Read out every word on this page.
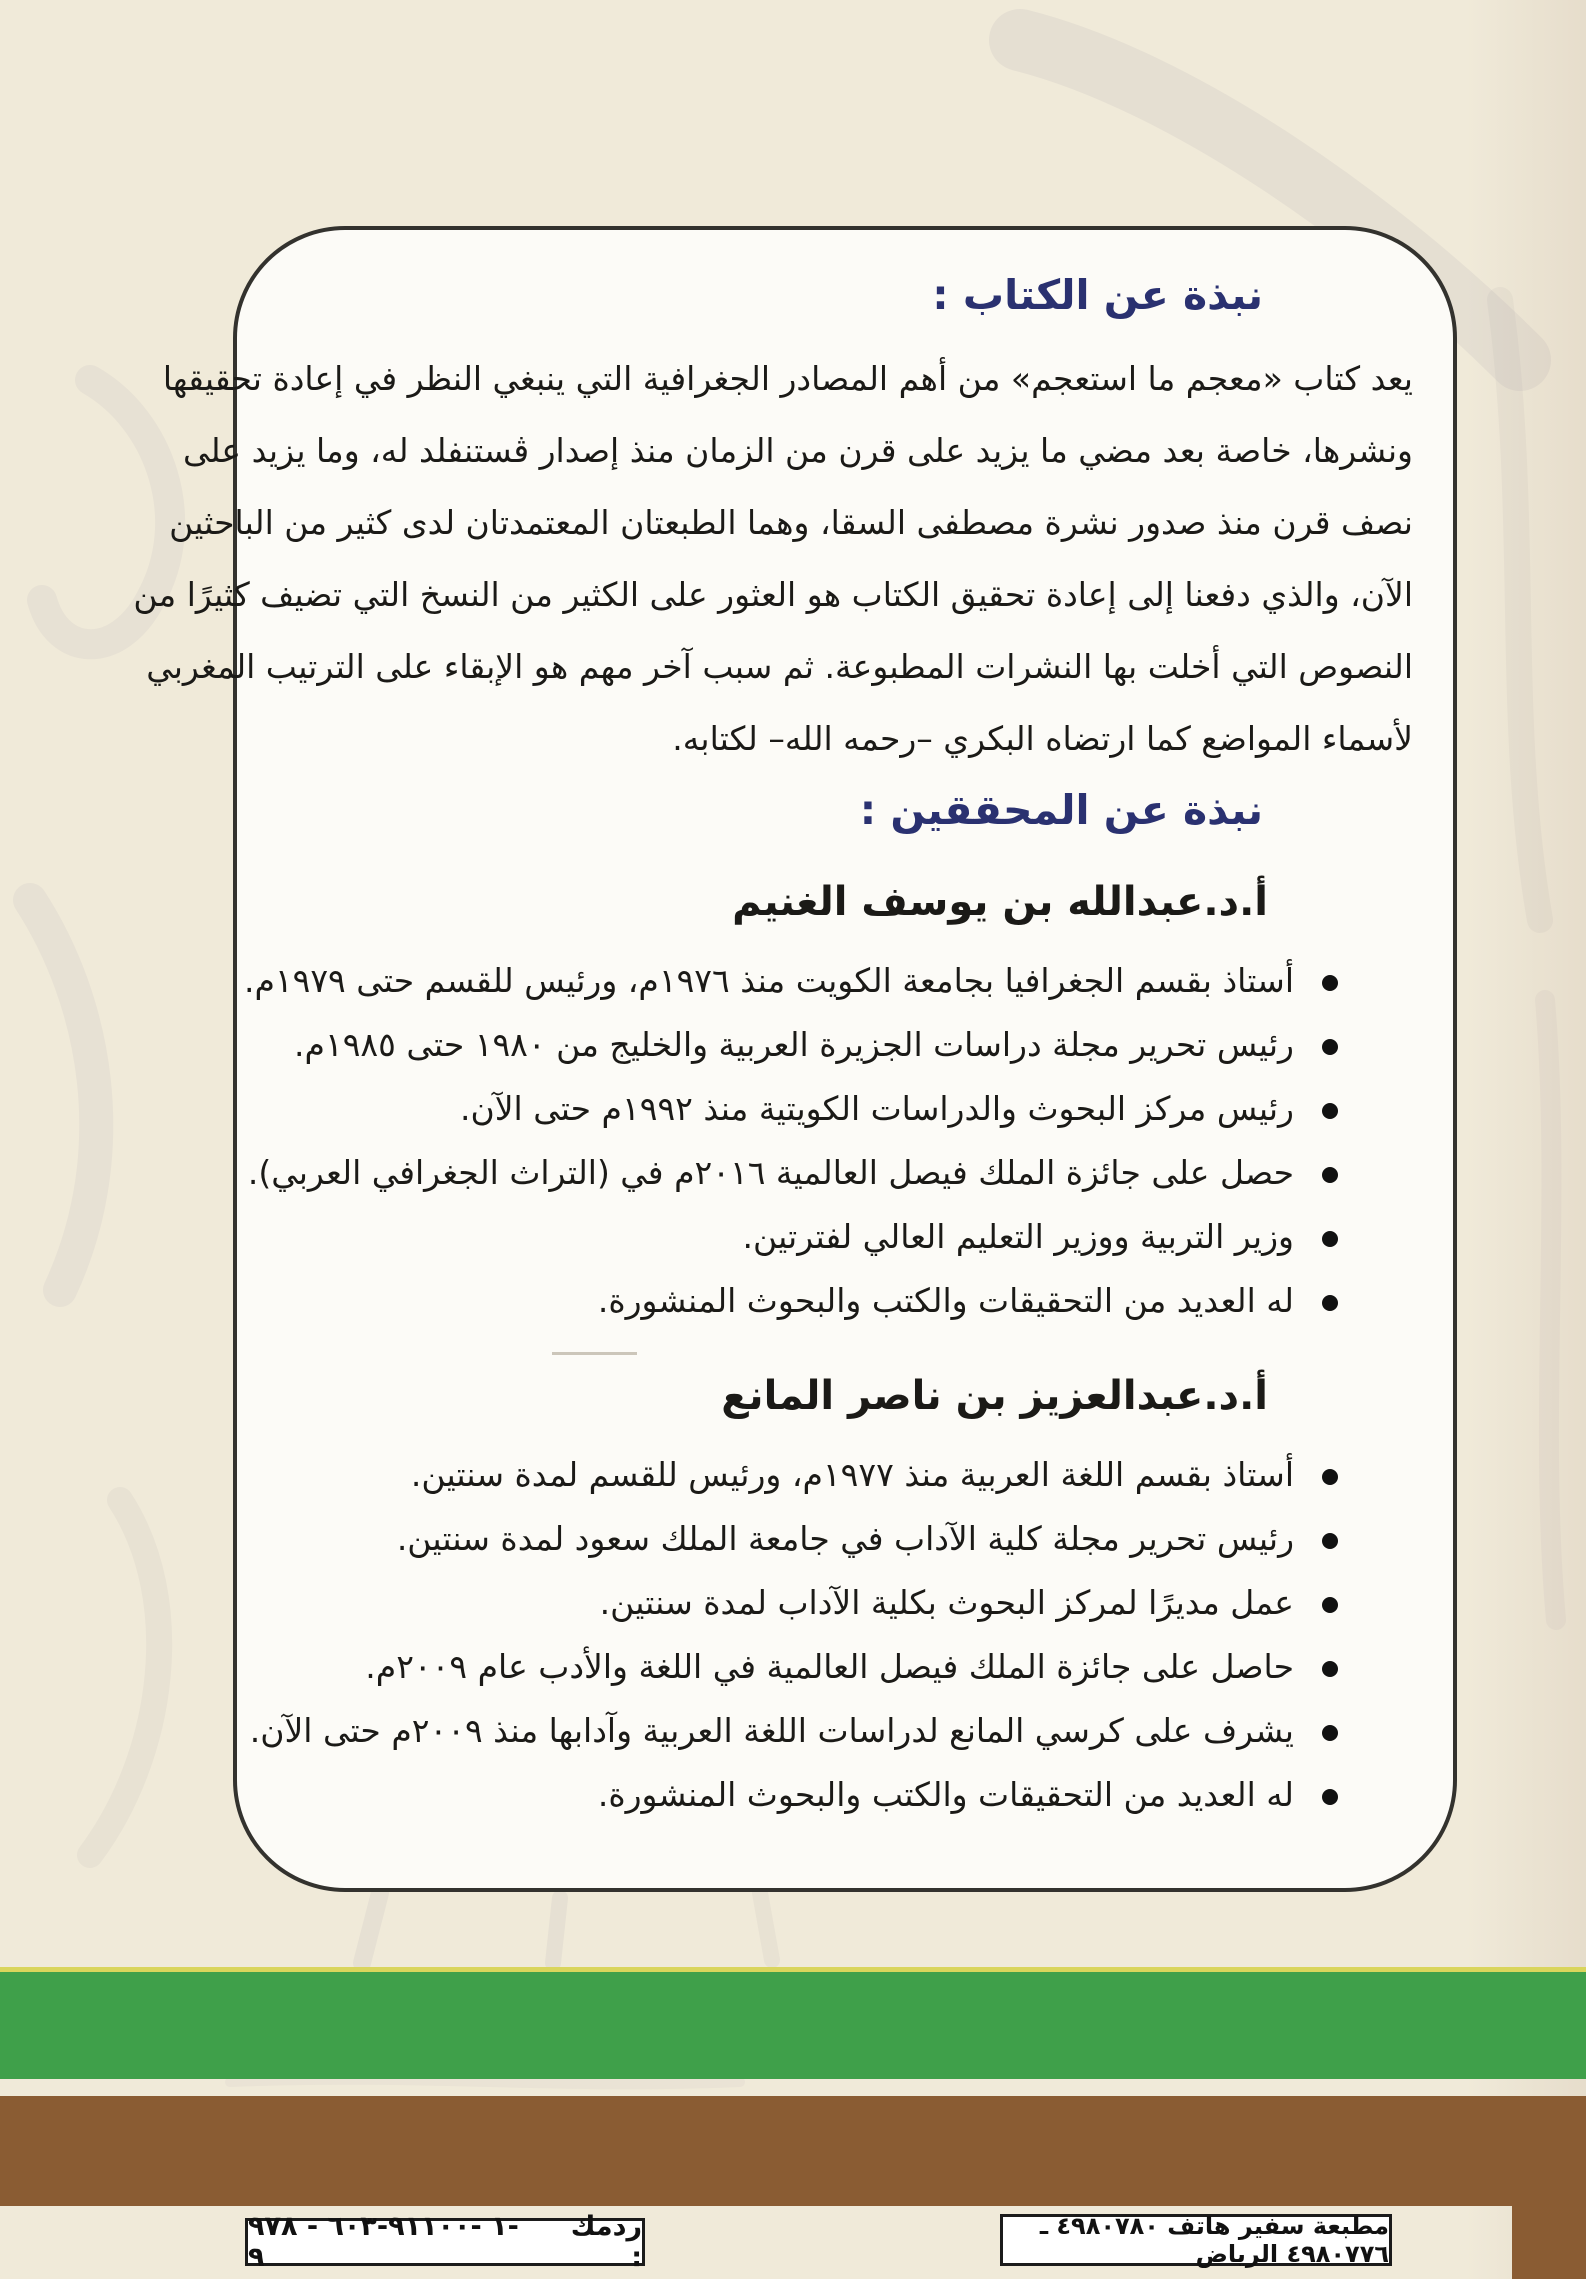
نبذة عن الكتاب :
يعد كتاب «معجم ما استعجم» من أهم المصادر الجغرافية التي ينبغي النظر في إعادة تحقيقها
ونشرها، خاصة بعد مضي ما يزيد على قرن من الزمان منذ إصدار ڤستنفلد له، وما يزيد على
نصف قرن منذ صدور نشرة مصطفى السقا، وهما الطبعتان المعتمدتان لدى كثير من الباحثين
الآن، والذي دفعنا إلى إعادة تحقيق الكتاب هو العثور على الكثير من النسخ التي تضيف كثيرًا من
النصوص التي أخلت بها النشرات المطبوعة. ثم سبب آخر مهم هو الإبقاء على الترتيب المغربي
لأسماء المواضع كما ارتضاه البكري –رحمه الله– لكتابه.
نبذة عن المحققين :
أ.د.عبدالله بن يوسف الغنيم
أستاذ بقسم الجغرافيا بجامعة الكويت منذ ١٩٧٦م، ورئيس للقسم حتى ١٩٧٩م.
رئيس تحرير مجلة دراسات الجزيرة العربية والخليج من ١٩٨٠ حتى ١٩٨٥م.
رئيس مركز البحوث والدراسات الكويتية منذ ١٩٩٢م حتى الآن.
حصل على جائزة الملك فيصل العالمية ٢٠١٦م في (التراث الجغرافي العربي).
وزير التربية ووزير التعليم العالي لفترتين.
له العديد من التحقيقات والكتب والبحوث المنشورة.
أ.د.عبدالعزيز بن ناصر المانع
أستاذ بقسم اللغة العربية منذ ١٩٧٧م، ورئيس للقسم لمدة سنتين.
رئيس تحرير مجلة كلية الآداب في جامعة الملك سعود لمدة سنتين.
عمل مديرًا لمركز البحوث بكلية الآداب لمدة سنتين.
حاصل على جائزة الملك فيصل العالمية في اللغة والأدب عام ٢٠٠٩م.
يشرف على كرسي المانع لدراسات اللغة العربية وآدابها منذ ٢٠٠٩م حتى الآن.
له العديد من التحقيقات والكتب والبحوث المنشورة.
ردمك :
٩٧٨ - ٦٠٣-٩١١٠٠- ١- ٩
مطبعة سفير هاتف ٤٩٨٠٧٨٠ ـ ٤٩٨٠٧٧٦ الرياض
